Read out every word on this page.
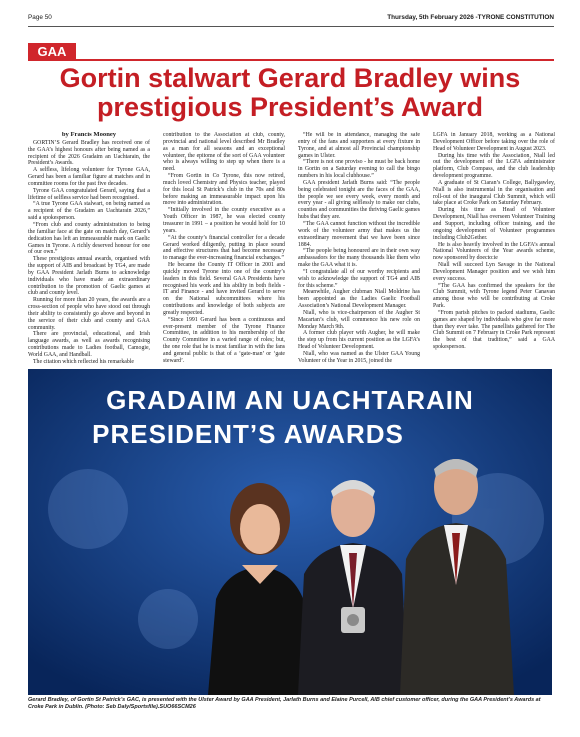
Page 50	Thursday, 5th February 2026 -TYRONE CONSTITUTION
GAA
Gortin stalwart Gerard Bradley wins prestigious President’s Award

by Francis Mooney

GORTIN’S Gerard Bradley has received one of the GAA’s highest honours after being named as a recipient of the 2026 Gradaim an Uachtarain, the President’s Awards.

A selfless, lifelong volunteer for Tyrone GAA, Gerard has been a familiar figure at matches and in committee rooms for the past five decades.

Tyrone GAA congratulated Gerard, saying that a lifetime of selfless service had been recognised.

“A true Tyrone GAA stalwart, on being named as a recipient of the Gradaim an Uachtarain 2026,” said a spokesperson.

“From club and county administration to being the familiar face at the gate on match day, Gerard’s dedication has left an immeasurable mark on Gaelic Games in Tyrone. A richly deserved honour for one of our own.”

These prestigious annual awards, organised with the support of AIB and broadcast by TG4, are made by GAA President Jarlath Burns to acknowledge individuals who have made an extraordinary contribution to the promotion of Gaelic games at club and county level.

Running for more than 20 years, the awards are a cross-section of people who have stood out through their ability to consistently go above and beyond in the service of their club and county and GAA community.

There are provincial, educational, and Irish language awards, as well as awards recognising contributions made to Ladies football, Camogie, World GAA, and Handball.

The citation which reflected his remarkable

contribution to the Association at club, county, provincial and national level described Mr Bradley as a man for all seasons and an exceptional volunteer, the epitome of the sort of GAA volunteer who is always willing to step up when there is a need.

“From Gortin in Co Tyrone, this now retired, much loved Chemistry and Physics teacher, played for this local St Patrick’s club in the 70s and 80s before making an immeasurable impact upon his move into administration.

“Initially involved in the county executive as a Youth Officer in 1987, he was elected county treasurer in 1991 – a position he would hold for 10 years.

“At the county’s financial controller for a decade Gerard worked diligently, putting in place sound and effective structures that had become necessary to manage the ever-increasing financial exchanges.”

He became the County IT Officer in 2001 and quickly moved Tyrone into one of the country’s leaders in this field. Several GAA Presidents have recognised his work and his ability in both fields - IT and Finance - and have invited Gerard to serve on the National subcommittees where his contributions and knowledge of both subjects are greatly respected.

“Since 1991 Gerard has been a continuous and ever-present member of the Tyrone Finance Committee, in addition to his membership of the County Committee in a varied range of roles; but, the one role that he is most familiar in with the fans and general public is that of a ‘gate-man’ or ‘gate steward’.

“He will be in attendance, managing the safe entry of the fans and supporters at every fixture in Tyrone, and at almost all Provincial championship games in Ulster.

“There is not one proviso - he must be back home in Gortin on a Saturday evening to call the bingo numbers in his local clubhouse.”

GAA president Jarlath Burns said: “The people being celebrated tonight are the faces of the GAA, the people we see every week, every month and every year - all giving selflessly to make our clubs, counties and communities the thriving Gaelic games hubs that they are.

“The GAA cannot function without the incredible work of the volunteer army that makes us the extraordinary movement that we have been since 1884.

“The people being honoured are in their own way ambassadors for the many thousands like them who make the GAA what it is.

“I congratulate all of our worthy recipients and wish to acknowledge the support of TG4 and AIB for this scheme.”

Meanwhile, Augher clubman Niall Moldrine has been appointed as the Ladies Gaelic Football Association’s National Development Manager.

Niall, who is vice-chairperson of the Augher St Macartan’s club, will commence his new role on Monday March 9th.

A former club player with Augher, he will make the step up from his current position as the LGFA’s Head of Volunteer Development.

Niall, who was named as the Ulster GAA Young Volunteer of the Year in 2015, joined the

LGFA in January 2018, working as a National Development Officer before taking over the role of Head of Volunteer Development in August 2023.

During his time with the Association, Niall led out the development of the LGFA administrator platform, Club Compass, and the club leadership development programme.

A graduate of St Ciaran’s College, Ballygawley, Niall is also instrumental in the organisation and roll-out of the inaugural Club Summit, which will take place at Croke Park on Saturday February.

During his time as Head of Volunteer Development, Niall has overseen Volunteer Training and Support, including officer training, and the ongoing development of Volunteer programmes including Club2Gether.

He is also heavily involved in the LGFA’s annual National Volunteers of the Year awards scheme, now sponsored by doecto:ie

Niall will succeed Lyn Savage in the National Development Manager position and we wish him every success.

“The GAA has confirmed the speakers for the Club Summit, with Tyrone legend Peter Canavan among those who will be contributing at Croke Park.

“From parish pitches to packed stadiums, Gaelic games are shaped by individuals who give far more than they ever take. The panellists gathered for The Club Summit on 7 February in Croke Park represent the best of that tradition,” said a GAA spokesperson.

GRADAIM AN UACHTARAIN
PRESIDENT’S AWARDS
Gerard Bradley, of Gortin St Patrick’s GAC, is presented with the Ulster Award by GAA President, Jarlath Burns and Elaine Purcell, AIB chief customer officer, during the GAA President’s Awards at Croke Park in Dublin. (Photo: Seb Daly/Sportsfile).SUO66SCM26
